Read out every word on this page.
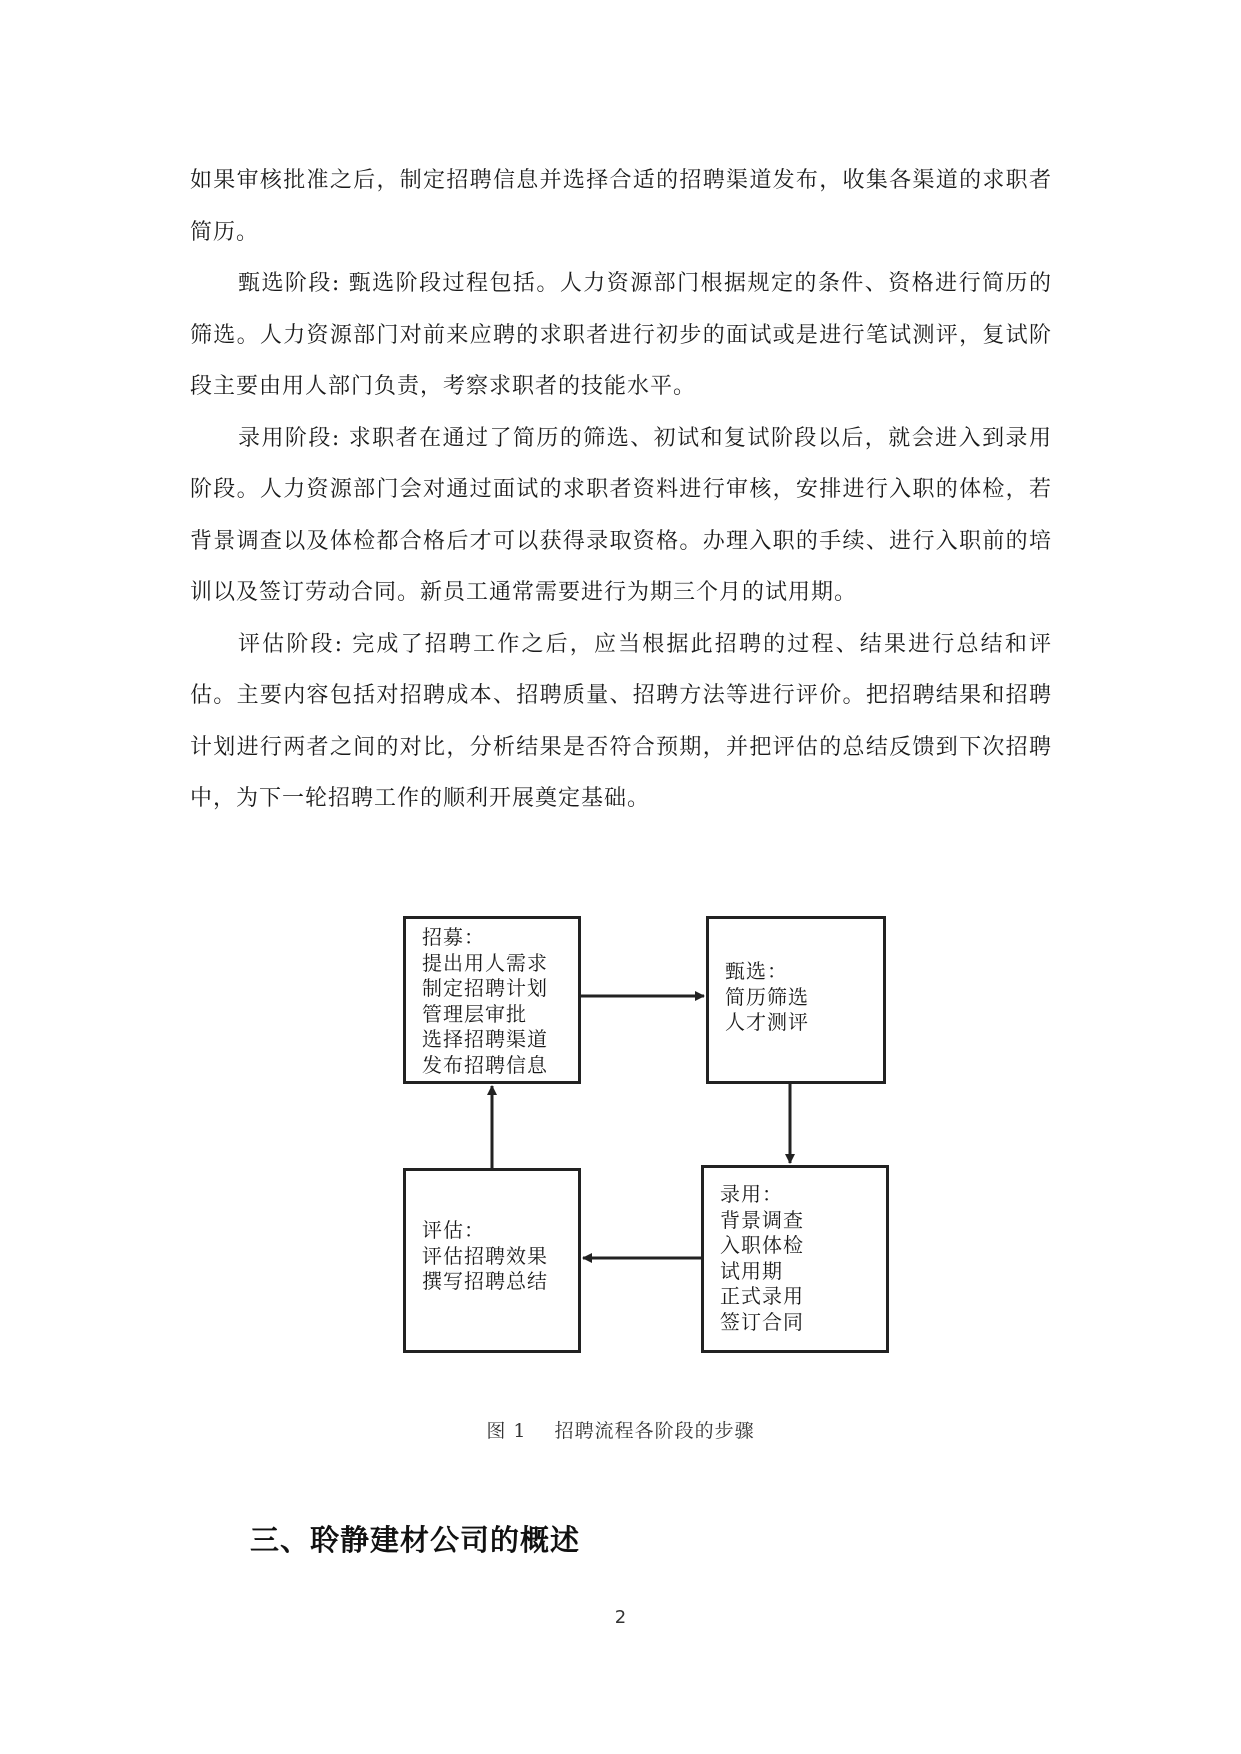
如果审核批准之后，制定招聘信息并选择合适的招聘渠道发布，收集各渠道的求职者简历。

甄选阶段: 甄选阶段过程包括。人力资源部门根据规定的条件、资格进行简历的筛选。人力资源部门对前来应聘的求职者进行初步的面试或是进行笔试测评，复试阶段主要由用人部门负责，考察求职者的技能水平。

录用阶段: 求职者在通过了简历的筛选、初试和复试阶段以后，就会进入到录用阶段。人力资源部门会对通过面试的求职者资料进行审核，安排进行入职的体检，若背景调查以及体检都合格后才可以获得录取资格。办理入职的手续、进行入职前的培训以及签订劳动合同。新员工通常需要进行为期三个月的试用期。

评估阶段: 完成了招聘工作之后，应当根据此招聘的过程、结果进行总结和评估。主要内容包括对招聘成本、招聘质量、招聘方法等进行评价。把招聘结果和招聘计划进行两者之间的对比，分析结果是否符合预期，并把评估的总结反馈到下次招聘中，为下一轮招聘工作的顺利开展奠定基础。

招募：
提出用人需求
制定招聘计划
管理层审批
选择招聘渠道
发布招聘信息
甄选：
简历筛选
人才测评
录用：
背景调查
入职体检
试用期
正式录用
签订合同
评估：
评估招聘效果
撰写招聘总结
图 1    招聘流程各阶段的步骤
三、聆静建材公司的概述
2
